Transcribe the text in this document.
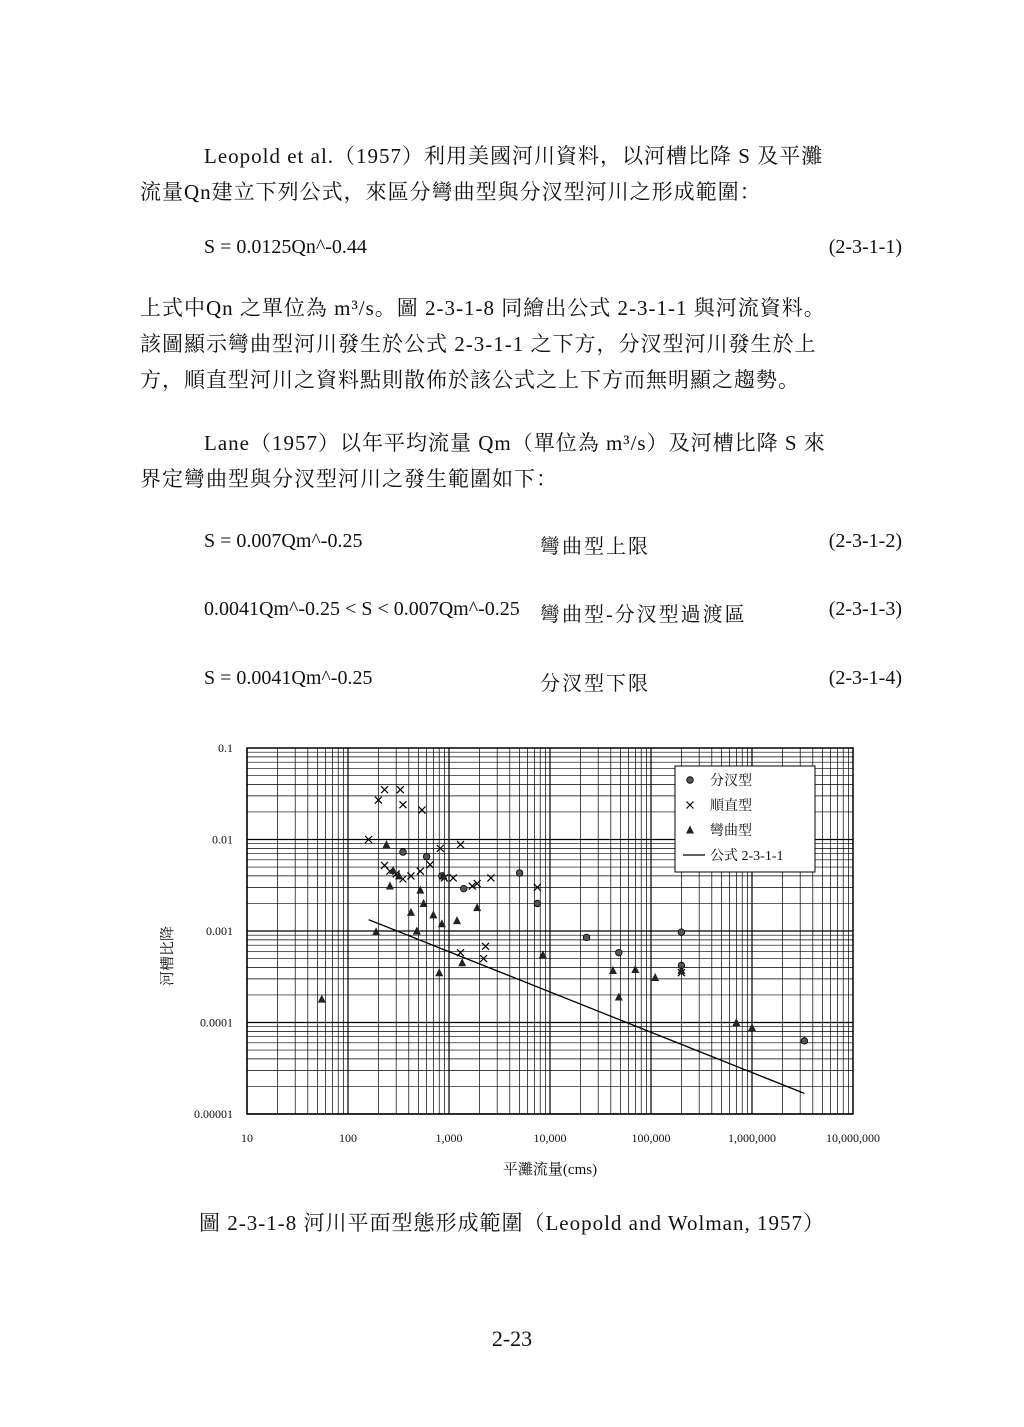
Leopold et al.（1957）利用美國河川資料，以河槽比降 S 及平灘
流量Qn建立下列公式，來區分彎曲型與分汊型河川之形成範圍：
S = 0.0125Qn^-0.44	(2-3-1-1)
上式中Qn 之單位為 m³/s。圖 2-3-1-8 同繪出公式 2-3-1-1 與河流資料。
該圖顯示彎曲型河川發生於公式 2-3-1-1 之下方，分汊型河川發生於上
方，順直型河川之資料點則散佈於該公式之上下方而無明顯之趨勢。
Lane（1957）以年平均流量 Qm（單位為 m³/s）及河槽比降 S 來
界定彎曲型與分汊型河川之發生範圍如下：
S = 0.007Qm^-0.25	彎曲型上限	(2-3-1-2)
0.0041Qm^-0.25 < S < 0.007Qm^-0.25 彎曲型-分汊型過渡區	(2-3-1-3)
S = 0.0041Qm^-0.25	分汊型下限	(2-3-1-4)
10	100	1,000	10,000	100,000	1,000,000	10,000,000
0.1
0.01
0.001
0.0001
0.00001
平灘流量(cms)
河槽比降
分汊型
順直型
彎曲型
公式 2-3-1-1
圖 2-3-1-8 河川平面型態形成範圍（Leopold and Wolman, 1957）
2-23
